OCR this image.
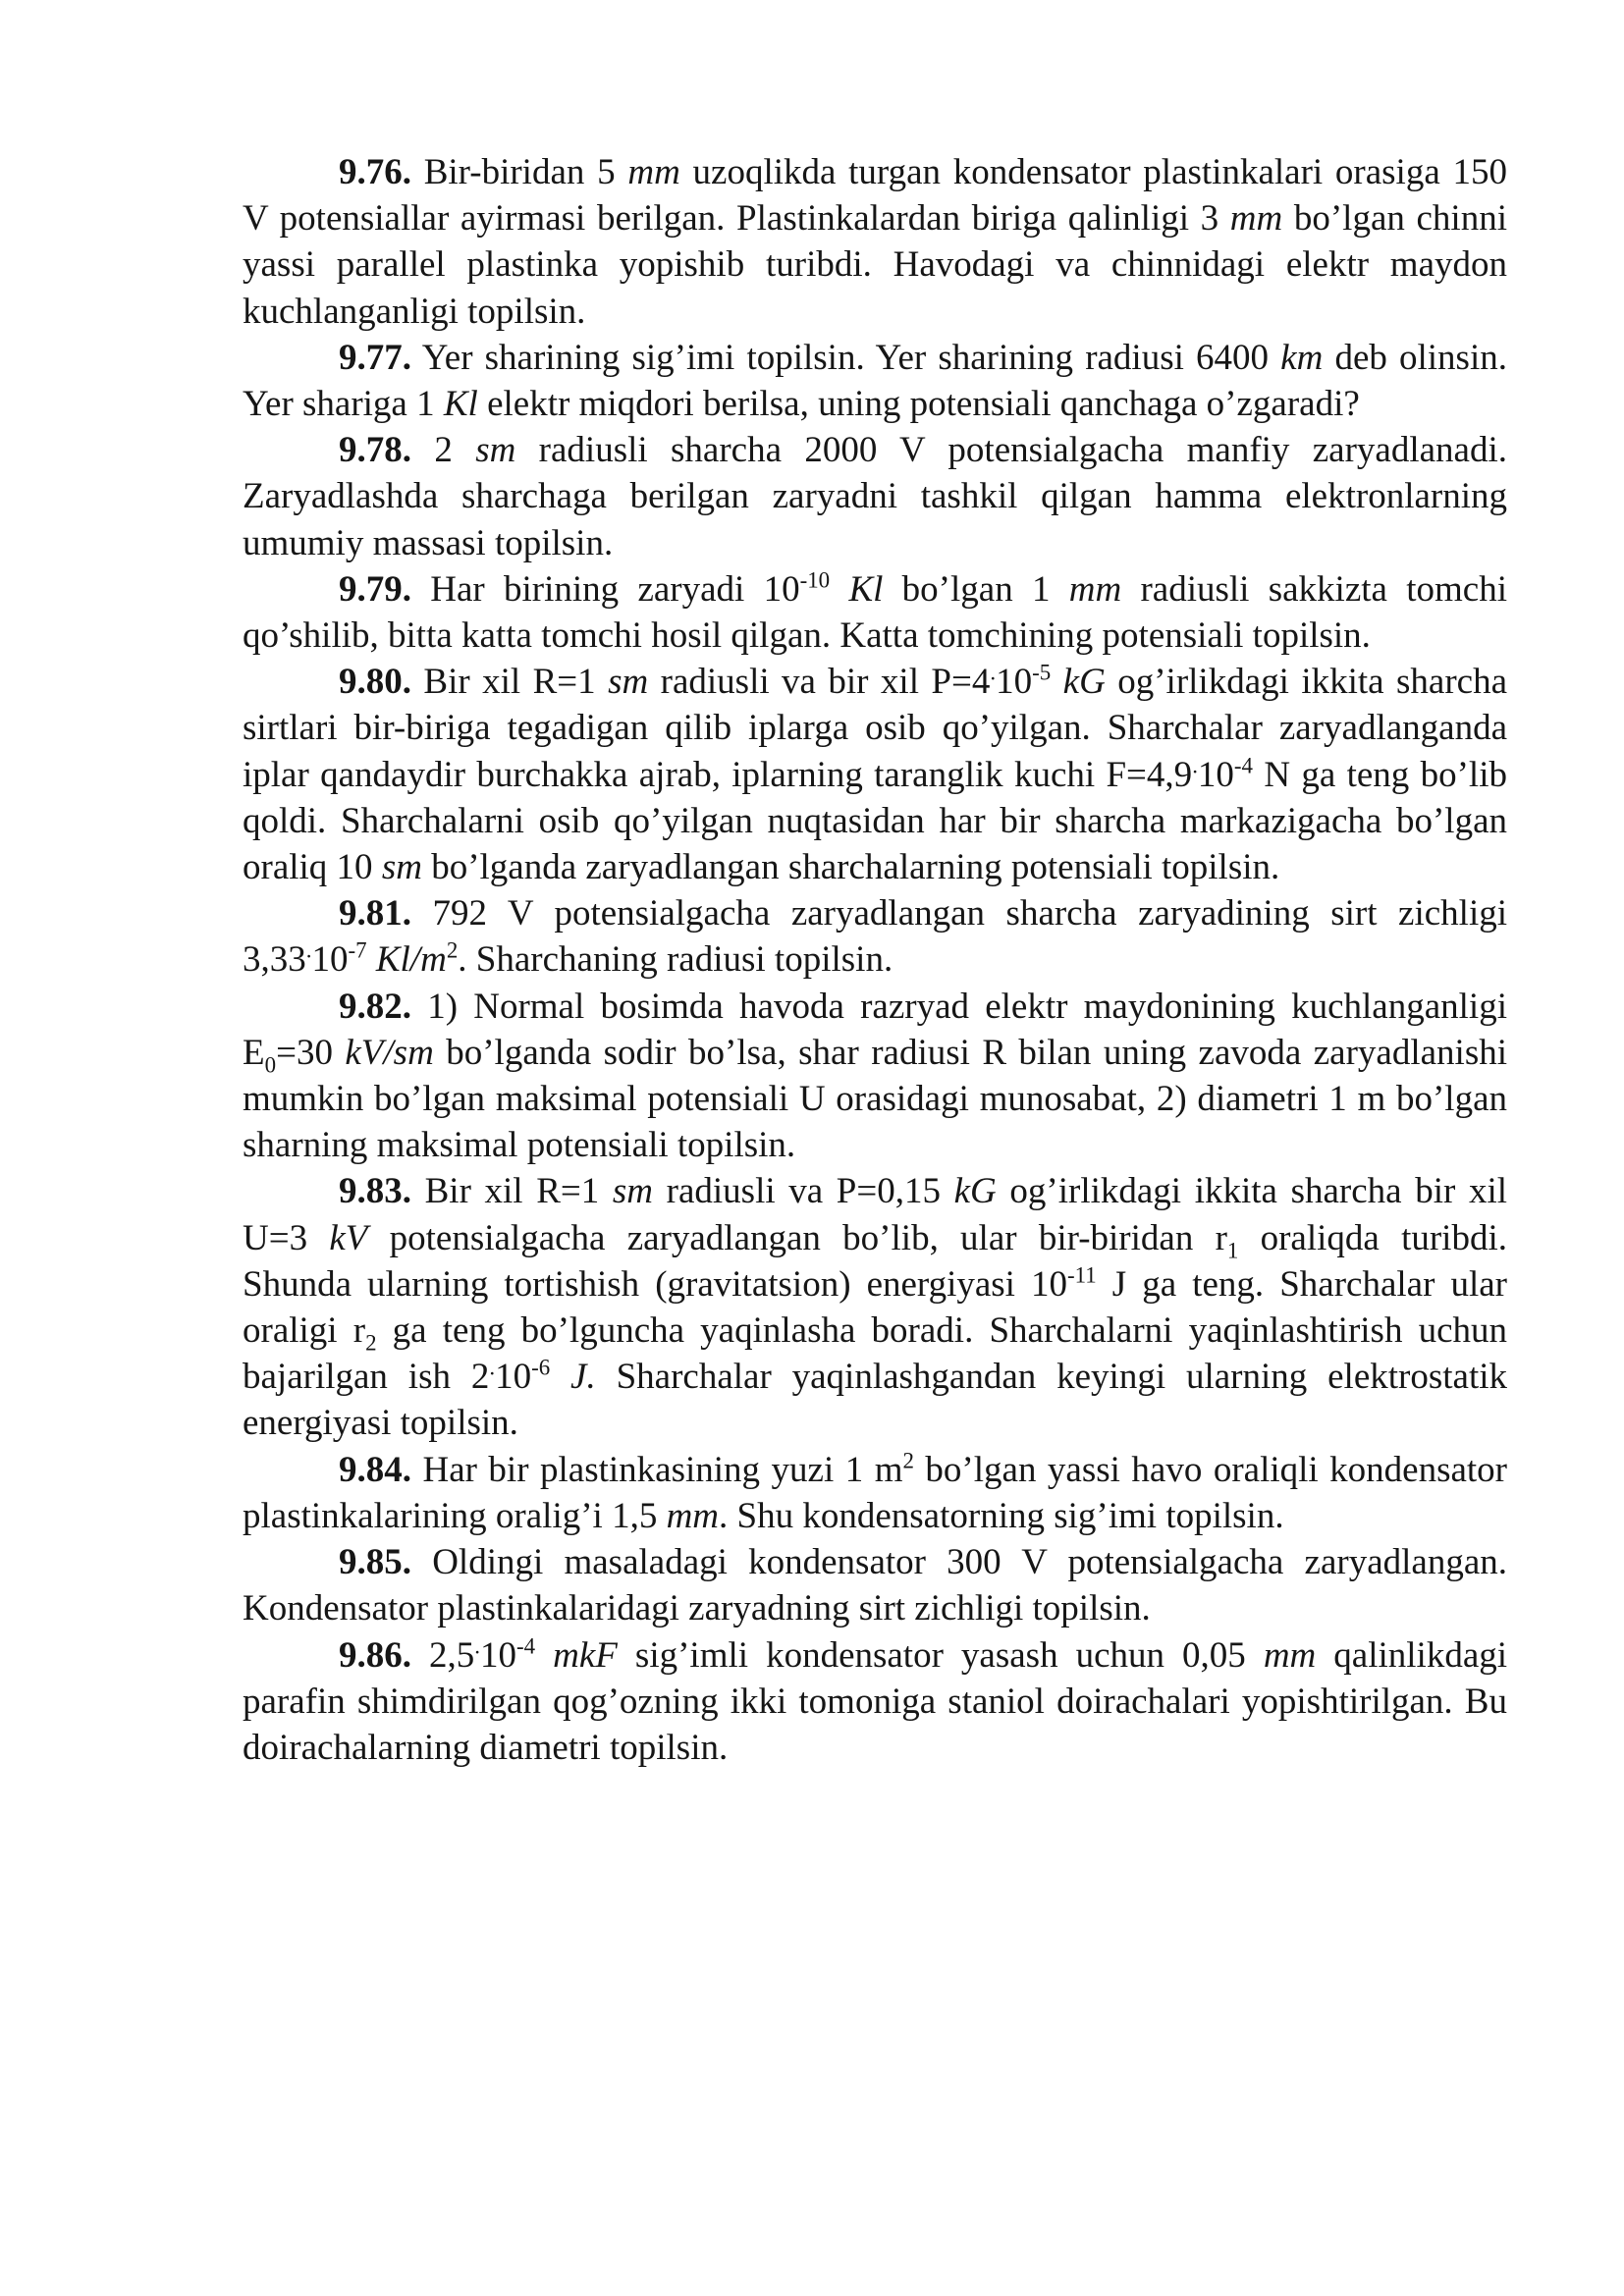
9.76. Bir-biridan 5 mm uzoqlikda turgan kondensator plastinkalari orasiga 150 V potensiallar ayirmasi berilgan. Plastinkalardan biriga qalinligi 3 mm bo’lgan chinni yassi parallel plastinka yopishib turibdi. Havodagi va chinnidagi elektr maydon kuchlanganligi topilsin.

9.77. Yer sharining sig’imi topilsin. Yer sharining radiusi 6400 km deb olinsin. Yer shariga 1 Kl elektr miqdori berilsa, uning potensiali qanchaga o’zgaradi?

9.78. 2 sm radiusli sharcha 2000 V potensialgacha manfiy zaryadlanadi. Zaryadlashda sharchaga berilgan zaryadni tashkil qilgan hamma elektronlarning umumiy massasi topilsin.

9.79. Har birining zaryadi $10^{-10}$ Kl bo’lgan 1 mm radiusli sakkizta tomchi qo’shilib, bitta katta tomchi hosil qilgan. Katta tomchining potensiali topilsin.

9.80. Bir xil R=1 sm radiusli va bir xil $P=4^.10^{-5}$ kG og’irlikdagi ikkita sharcha sirtlari bir-biriga tegadigan qilib iplarga osib qo’yilgan. Sharchalar zaryadlanganda iplar qandaydir burchakka ajrab, iplarning taranglik kuchi $F=4,9^.10^{-4}$ N ga teng bo’lib qoldi. Sharchalarni osib qo’yilgan nuqtasidan har bir sharcha markazigacha bo’lgan oraliq 10 sm bo’lganda zaryadlangan sharchalarning potensiali topilsin.

9.81. 792 V potensialgacha zaryadlangan sharcha zaryadining sirt zichligi $3,33^.10^{-7}$ $Kl/m^2$. Sharchaning radiusi topilsin.

9.82. 1) Normal bosimda havoda razryad elektr maydonining kuchlanganligi $E_0=30$ kV/sm bo’lganda sodir bo’lsa, shar radiusi R bilan uning zavoda zaryadlanishi mumkin bo’lgan maksimal potensiali U orasidagi munosabat, 2) diametri 1 m bo’lgan sharning maksimal potensiali topilsin.

9.83. Bir xil R=1 sm radiusli va P=0,15 kG og’irlikdagi ikkita sharcha bir xil U=3 kV potensialgacha zaryadlangan bo’lib, ular bir-biridan $r_1$ oraliqda turibdi. Shunda ularning tortishish (gravitatsion) energiyasi $10^{-11}$ J ga teng. Sharchalar ular oraligi $r_2$ ga teng bo’lguncha yaqinlasha boradi. Sharchalarni yaqinlashtirish uchun bajarilgan ish $2^.10^{-6}$ J. Sharchalar yaqinlashgandan keyingi ularning elektrostatik energiyasi topilsin.

9.84. Har bir plastinkasining yuzi 1 $m^2$ bo’lgan yassi havo oraliqli kondensator plastinkalarining oralig’i 1,5 mm. Shu kondensatorning sig’imi topilsin.

9.85. Oldingi masaladagi kondensator 300 V potensialgacha zaryadlangan. Kondensator plastinkalaridagi zaryadning sirt zichligi topilsin.

9.86. $2,5^.10^{-4}$ mkF sig’imli kondensator yasash uchun 0,05 mm qalinlikdagi parafin shimdirilgan qog’ozning ikki tomoniga staniol doirachalari yopishtirilgan. Bu doirachalarning diametri topilsin.
